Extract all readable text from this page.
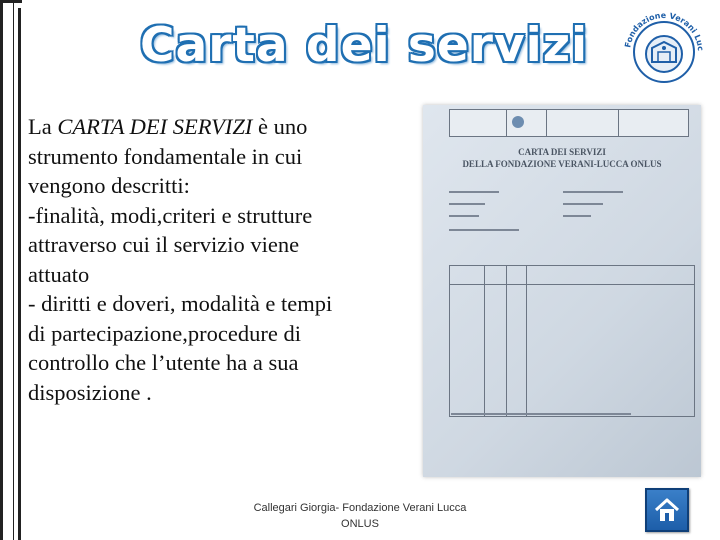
Carta dei servizi	Fondazione Verani Luc
La CARTA DEI SERVIZI è uno
strumento fondamentale in cui
vengono descritti:
-finalità, modi,criteri e strutture
attraverso cui il servizio viene
attuato
- diritti e doveri, modalità e tempi
di partecipazione,procedure di
controllo che l’utente ha a sua
disposizione .
CARTA DEI SERVIZI
DELLA FONDAZIONE VERANI-LUCCA ONLUS
Callegari Giorgia- Fondazione Verani Lucca
ONLUS
